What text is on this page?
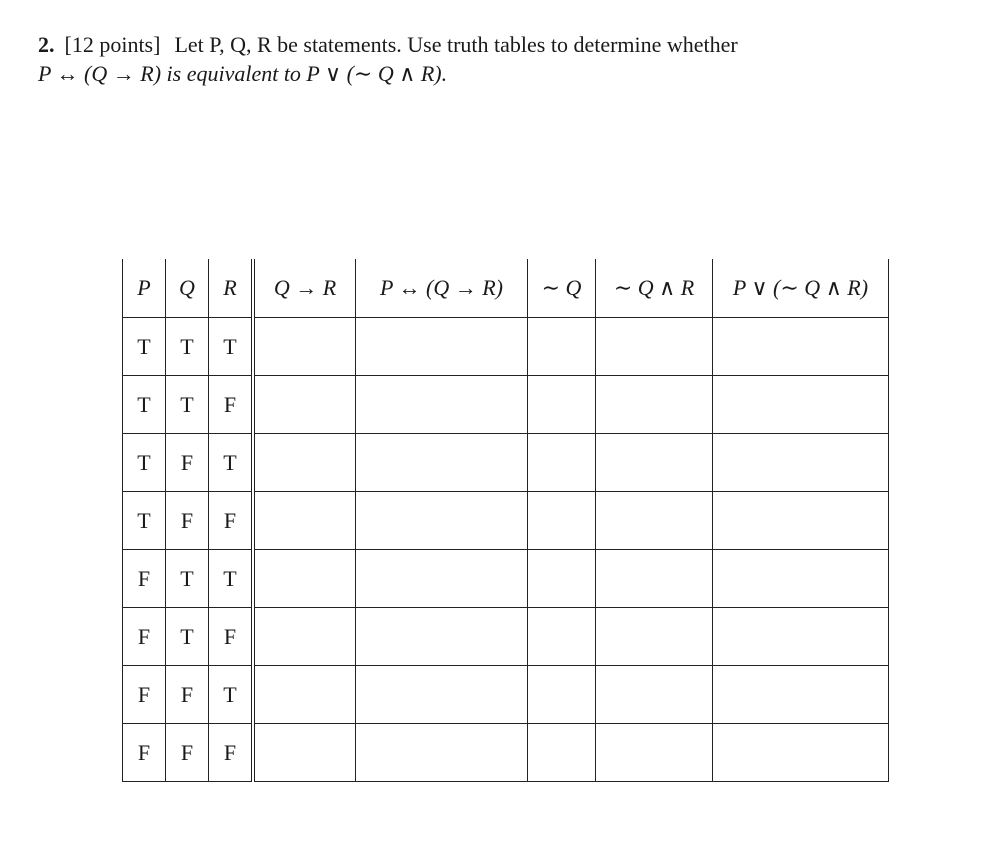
2. [12 points] Let P, Q, R be statements. Use truth tables to determine whether
P ↔ (Q → R) is equivalent to P ∨ (∼ Q ∧ R).
P	Q	R	Q → R	P ↔ (Q → R)	∼ Q	∼ Q ∧ R	P ∨ (∼ Q ∧ R)
T	T	T					
T	T	F					
T	F	T					
T	F	F					
F	T	T					
F	T	F					
F	F	T					
F	F	F					
